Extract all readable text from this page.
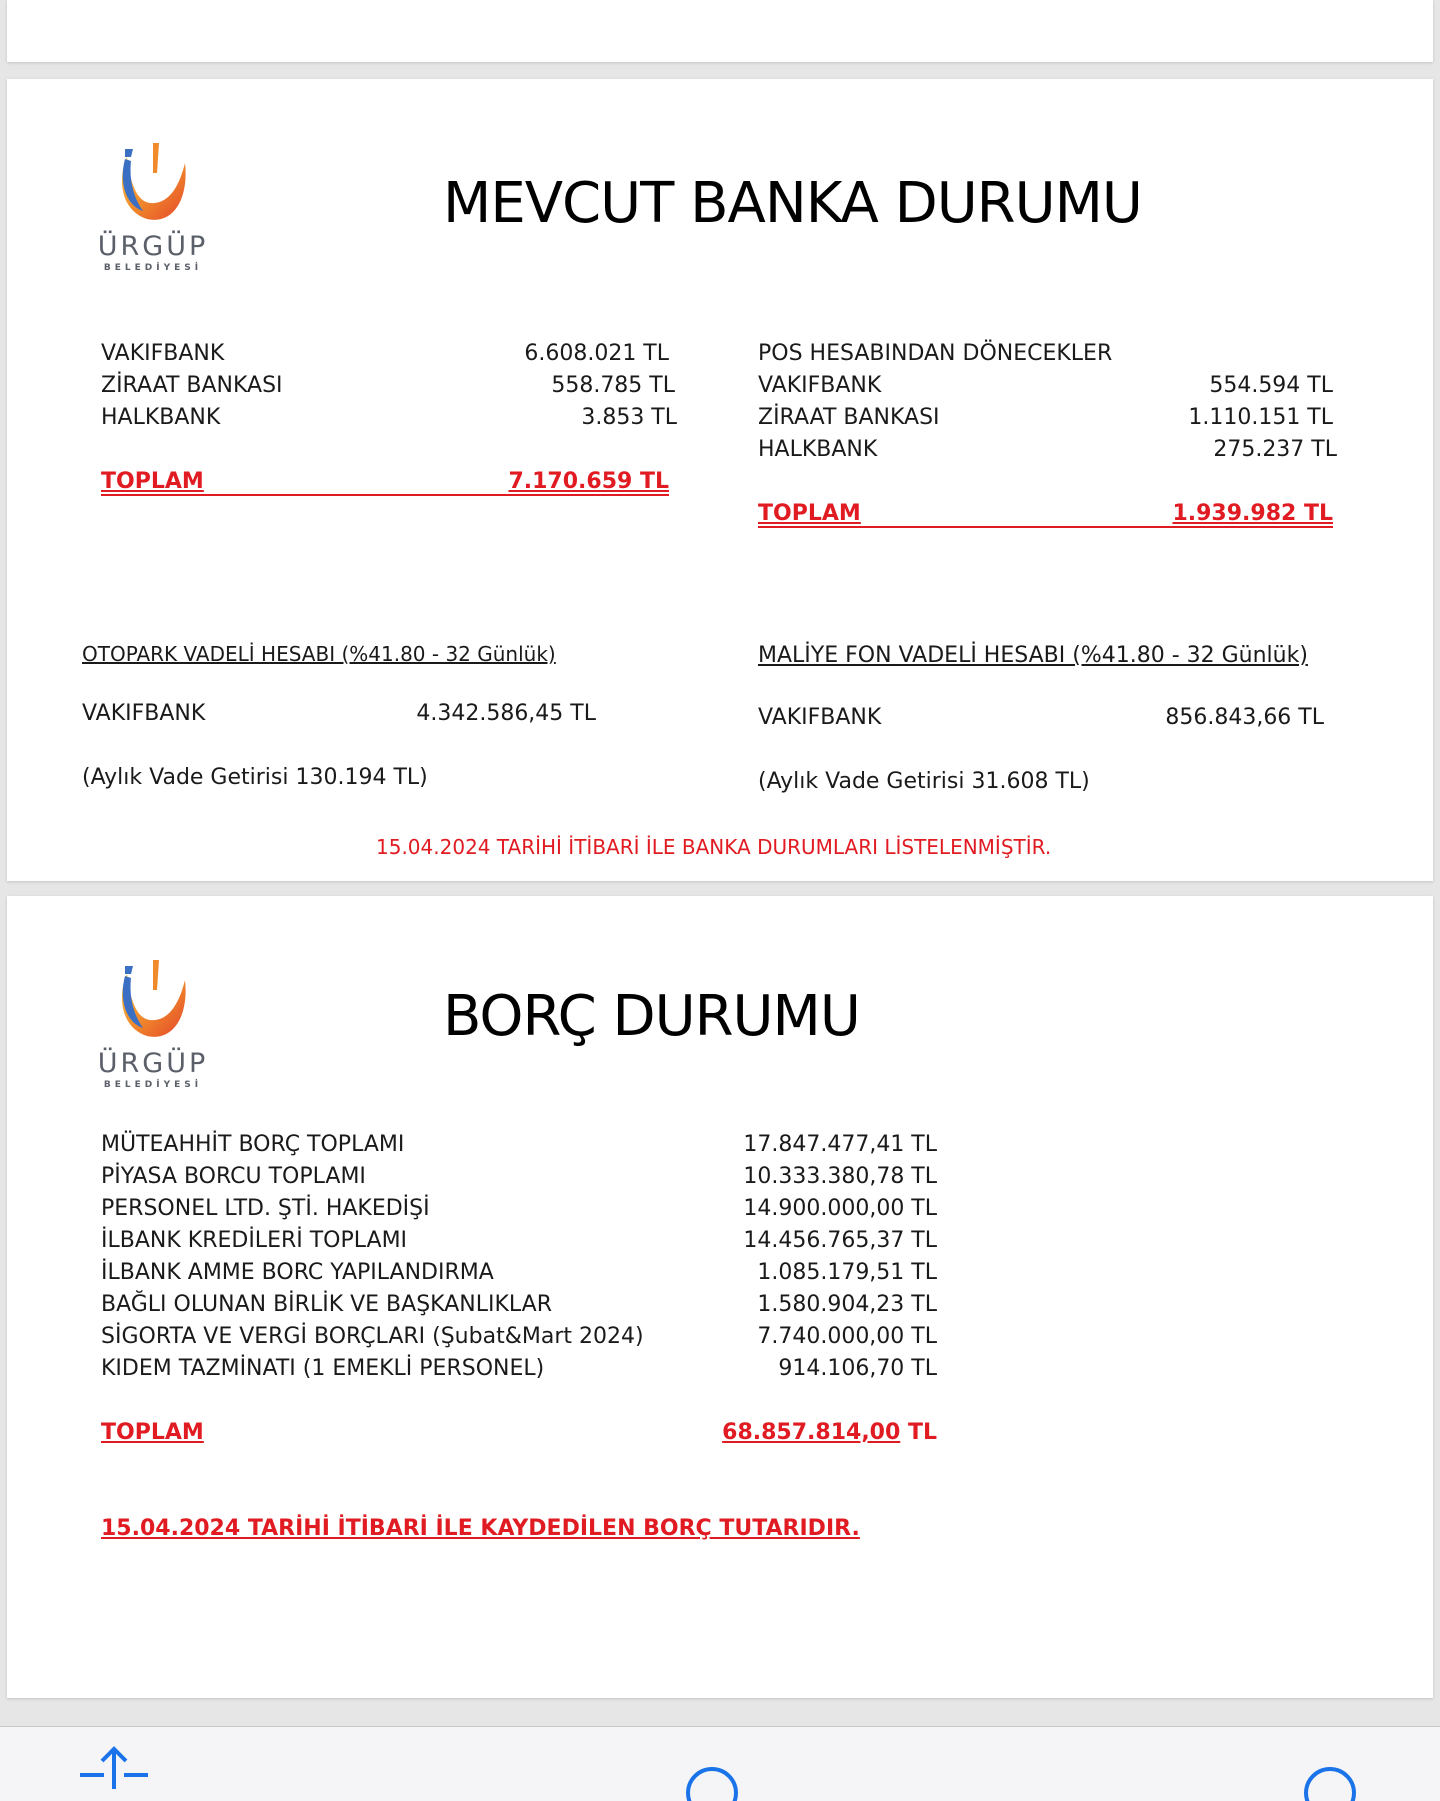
ÜRGÜP
BELEDİYESİ
MEVCUT BANKA DURUMU
VAKIFBANK	6.608.021 TL
ZİRAAT BANKASI	558.785 TL
HALKBANK	3.853 TL
TOPLAM	7.170.659 TL
POS HESABINDAN DÖNECEKLER
VAKIFBANK	554.594 TL
ZİRAAT BANKASI	1.110.151 TL
HALKBANK	275.237 TL
TOPLAM	1.939.982 TL
OTOPARK VADELİ HESABI (%41.80 - 32 Günlük)
VAKIFBANK	4.342.586,45 TL
(Aylık Vade Getirisi 130.194 TL)
MALİYE FON VADELİ HESABI (%41.80 - 32 Günlük)
VAKIFBANK	856.843,66 TL
(Aylık Vade Getirisi 31.608 TL)
15.04.2024 TARİHİ İTİBARİ İLE BANKA DURUMLARI LİSTELENMİŞTİR.
ÜRGÜP
BELEDİYESİ
BORÇ DURUMU
MÜTEAHHİT BORÇ TOPLAMI	17.847.477,41 TL
PİYASA BORCU TOPLAMI	10.333.380,78 TL
PERSONEL LTD. ŞTİ. HAKEDİŞİ	14.900.000,00 TL
İLBANK KREDİLERİ TOPLAMI	14.456.765,37 TL
İLBANK AMME BORC YAPILANDIRMA	1.085.179,51 TL
BAĞLI OLUNAN BİRLİK VE BAŞKANLIKLAR	1.580.904,23 TL
SİGORTA VE VERGİ BORÇLARI (Şubat&Mart 2024)	7.740.000,00 TL
KIDEM TAZMİNATI (1 EMEKLİ PERSONEL)	914.106,70 TL
TOPLAM	68.857.814,00 TL
15.04.2024 TARİHİ İTİBARİ İLE KAYDEDİLEN BORÇ TUTARIDIR.
